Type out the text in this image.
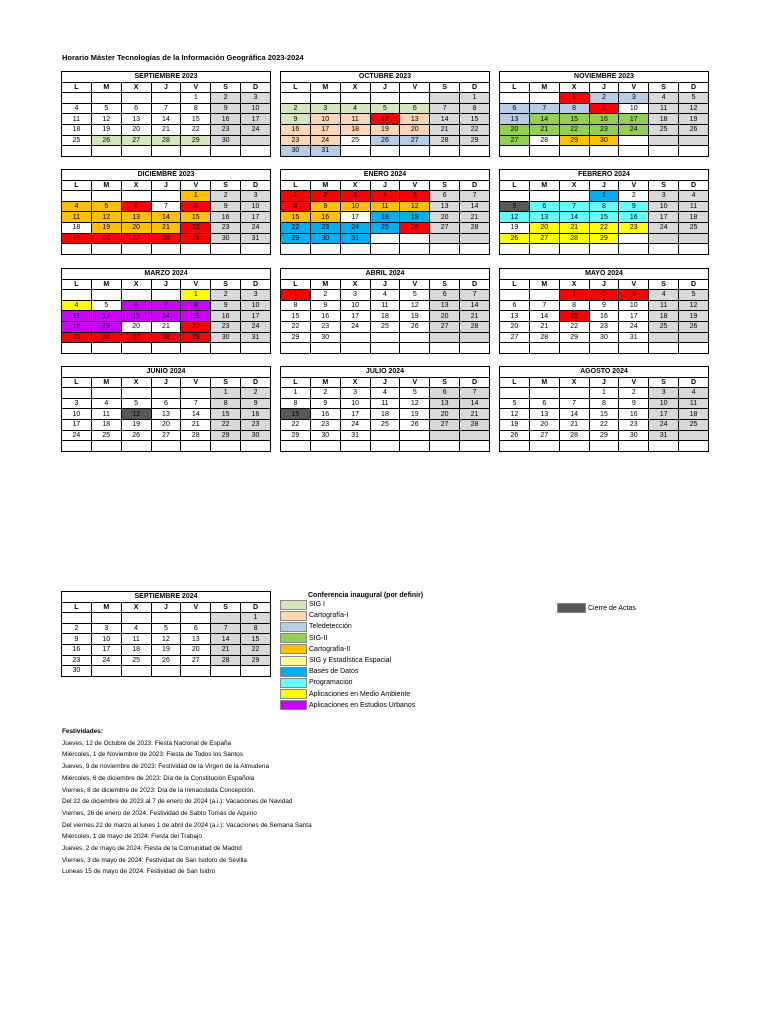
Horario Máster Tecnologías de la Información Geográfica 2023-2024
SEPTIEMBRE 2023						
L	M	X	J	V	S	D
				1	2	3
4	5	6	7	8	9	10
11	12	13	14	15	16	17
18	19	20	21	22	23	24
25	26	27	28	29	30	

OCTUBRE 2023						
L	M	X	J	V	S	D
						1
2	3	4	5	6	7	8
9	10	11	12	13	14	15
16	17	18	19	20	21	22
23	24	25	26	27	28	29
30	31					
NOVIEMBRE 2023						
L	M	X	J	V	S	D
		1	2	3	4	5
6	7	8	9	10	11	12
13	14	15	16	17	18	19
20	21	22	23	24	25	26
27	28	29	30			

DICIEMBRE 2023						
L	M	X	J	V	S	D
				1	2	3
4	5	6	7	8	9	10
11	12	13	14	15	16	17
18	19	20	21	22	23	24
25	26	27	28	29	30	31

ENERO 2024						
L	M	X	J	V	S	D
1	2	3	4	5	6	7
8	9	10	11	12	13	14
15	16	17	18	19	20	21
22	23	24	25	26	27	28
29	30	31				

FEBRERO 2024						
L	M	X	J	V	S	D
			1	2	3	4
5	6	7	8	9	10	11
12	13	14	15	16	17	18
19	20	21	22	23	24	25
26	27	28	29			

MARZO 2024						
L	M	X	J	V	S	D
				1	2	3
4	5	6	7	8	9	10
11	12	13	14	15	16	17
18	19	20	21	22	23	24
25	26	27	28	29	30	31

ABRIL 2024						
L	M	X	J	V	S	D
1	2	3	4	5	6	7
8	9	10	11	12	13	14
15	16	17	18	19	20	21
22	23	24	25	26	27	28
29	30					

MAYO 2024						
L	M	X	J	V	S	D
		1	2	3	4	5
6	7	8	9	10	11	12
13	14	15	16	17	18	19
20	21	22	23	24	25	26
27	28	29	30	31		

JUNIO 2024						
L	M	X	J	V	S	D
					1	2
3	4	5	6	7	8	9
10	11	12	13	14	15	16
17	18	19	20	21	22	23
24	25	26	27	28	29	30

JULIO 2024						
L	M	X	J	V	S	D
1	2	3	4	5	6	7
8	9	10	11	12	13	14
15	16	17	18	19	20	21
22	23	24	25	26	27	28
29	30	31				

AGOSTO 2024						
L	M	X	J	V	S	D
			1	2	3	4
5	6	7	8	9	10	11
12	13	14	15	16	17	18
19	20	21	22	23	24	25
26	27	28	29	30	31	

SEPTIEMBRE 2024						
L	M	X	J	V	S	D
						1
2	3	4	5	6	7	8
9	10	11	12	13	14	15
16	17	18	19	20	21	22
23	24	25	26	27	28	29
30						
Conferencia inaugural (por definir)
SIG I
Cartografía-I
Teledetección
SIG-II
Cartografía-II
SIG y Estadística Espacial
Bases de Datos
Programación
Aplicaciones en Medio Ambiente
Aplicaciones en Estudios Urbanos
Cierre de Actas
Festividades:
Jueves, 12 de Octubre de 2023: Fiesta Nacional de España
Miércoles, 1 de Noviembre de 2023: Fiesta de Todos los Santos
Jueves, 9 de noviembre de 2023: Festividad de la Virgen de la Almudena
Miércoles, 6 de diciembre de 2023: Día de la Constitución Española
Viernes, 8 de diciembre de 2023: Día de la Inmaculada Concepción.
Del 22 de diciembre de 2023 al 7 de enero de 2024 (a.i.): Vacaciones de Navidad
Viernes, 26 de enero de 2024: Festividad de Sabto Tomás de Aquino
Del viernes 22 de marzo al lunes 1 de abril de 2024 (a.i.): Vacaciones de Semana Santa
Miércoles, 1 de mayo de 2024: Fiesta del Trabajo
Jueves, 2 de mayo de 2024: Fiesta de la Comunidad de Madrid
Viernes, 3 de mayo de 2024: Festividad de San Isidoro de Sevilla
Luneas 15 de mayo de 2024. Festividad de San Isidro
